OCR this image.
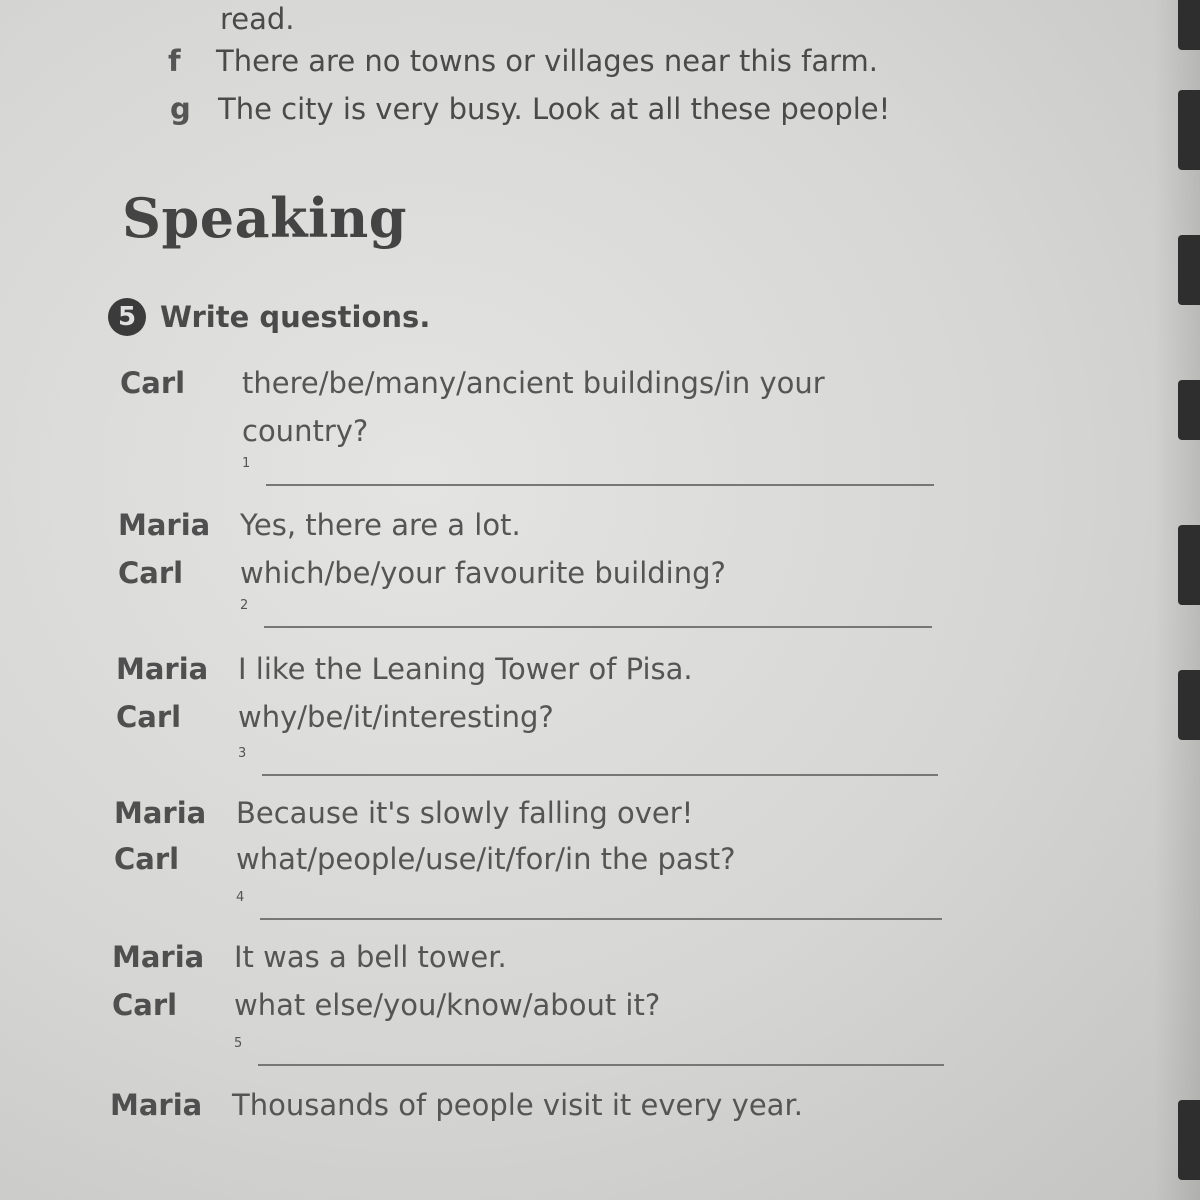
read.
f There are no towns or villages near this farm.
g The city is very busy. Look at all these people!
Speaking
5 Write questions.
Carl	there/be/many/ancient buildings/in your
country?
1
Maria	Yes, there are a lot.
Carl	which/be/your favourite building?
2
Maria	I like the Leaning Tower of Pisa.
Carl	why/be/it/interesting?
3
Maria	Because it's slowly falling over!
Carl	what/people/use/it/for/in the past?
4
Maria	It was a bell tower.
Carl	what else/you/know/about it?
5
Maria	Thousands of people visit it every year.
